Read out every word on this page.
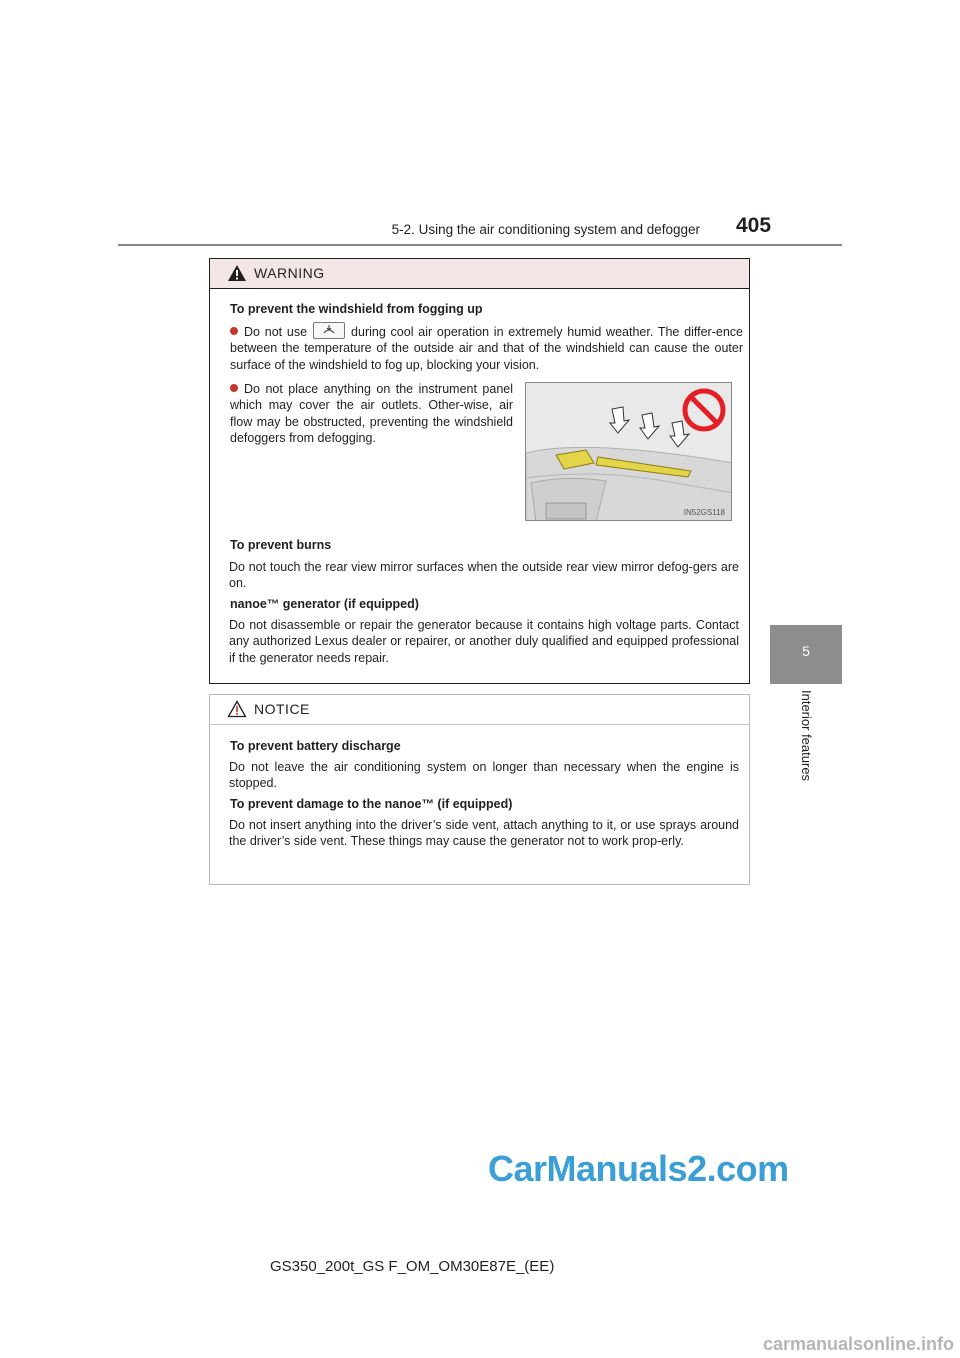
5-2. Using the air conditioning system and defogger 405
5
Interior features
WARNING
To prevent the windshield from fogging up
Do not use	during cool air operation in extremely humid weather. The differ-ence between the temperature of the outside air and that of the windshield can cause the outer surface of the windshield to fog up, blocking your vision.
Do not place anything on the instrument panel which may cover the air outlets. Other-wise, air flow may be obstructed, preventing the windshield defoggers from defogging.
IN52GS118
To prevent burns
Do not touch the rear view mirror surfaces when the outside rear view mirror defog-gers are on.
nanoe™ generator (if equipped)
Do not disassemble or repair the generator because it contains high voltage parts. Contact any authorized Lexus dealer or repairer, or another duly qualified and equipped professional if the generator needs repair.
NOTICE
To prevent battery discharge
Do not leave the air conditioning system on longer than necessary when the engine is stopped.
To prevent damage to the nanoe™ (if equipped)
Do not insert anything into the driver’s side vent, attach anything to it, or use sprays around the driver’s side vent. These things may cause the generator not to work prop-erly.
GS350_200t_GS F_OM_OM30E87E_(EE)
CarManuals2.com
carmanualsonline.info
